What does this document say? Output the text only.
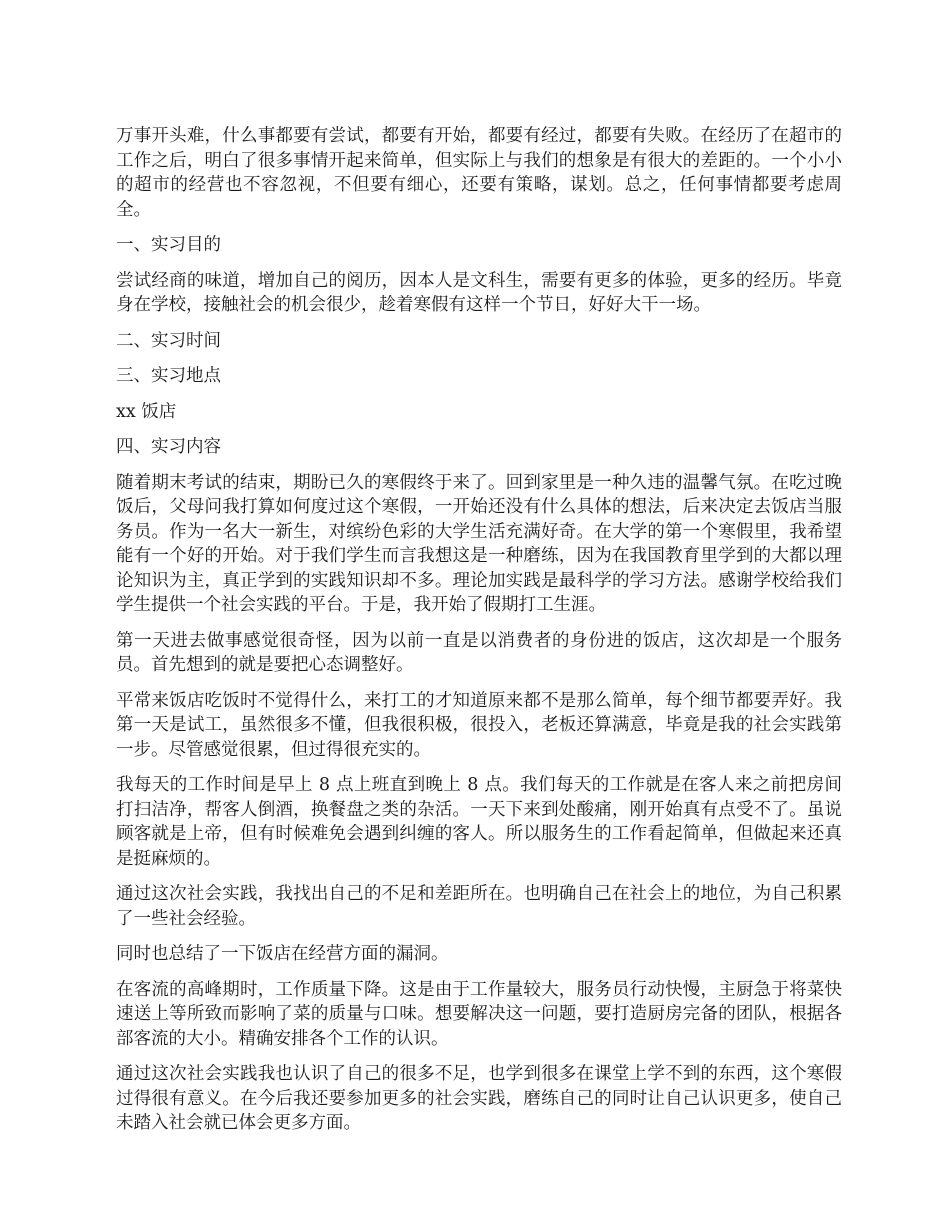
万事开头难，什么事都要有尝试，都要有开始，都要有经过，都要有失败。在经历了在超市的工作之后，明白了很多事情开起来简单，但实际上与我们的想象是有很大的差距的。一个小小的超市的经营也不容忽视，不但要有细心，还要有策略，谋划。总之，任何事情都要考虑周全。

一、实习目的

尝试经商的味道，增加自己的阅历，因本人是文科生，需要有更多的体验，更多的经历。毕竟身在学校，接触社会的机会很少，趁着寒假有这样一个节日，好好大干一场。

二、实习时间

三、实习地点

xx 饭店

四、实习内容

随着期末考试的结束，期盼已久的寒假终于来了。回到家里是一种久违的温馨气氛。在吃过晚饭后，父母问我打算如何度过这个寒假，一开始还没有什么具体的想法，后来决定去饭店当服务员。作为一名大一新生，对缤纷色彩的大学生活充满好奇。在大学的第一个寒假里，我希望能有一个好的开始。对于我们学生而言我想这是一种磨练，因为在我国教育里学到的大都以理论知识为主，真正学到的实践知识却不多。理论加实践是最科学的学习方法。感谢学校给我们学生提供一个社会实践的平台。于是，我开始了假期打工生涯。

第一天进去做事感觉很奇怪，因为以前一直是以消费者的身份进的饭店，这次却是一个服务员。首先想到的就是要把心态调整好。

平常来饭店吃饭时不觉得什么，来打工的才知道原来都不是那么简单，每个细节都要弄好。我第一天是试工，虽然很多不懂，但我很积极，很投入，老板还算满意，毕竟是我的社会实践第一步。尽管感觉很累，但过得很充实的。

我每天的工作时间是早上 8 点上班直到晚上 8 点。我们每天的工作就是在客人来之前把房间打扫洁净，帮客人倒酒，换餐盘之类的杂活。一天下来到处酸痛，刚开始真有点受不了。虽说顾客就是上帝，但有时候难免会遇到纠缠的客人。所以服务生的工作看起简单，但做起来还真是挺麻烦的。

通过这次社会实践，我找出自己的不足和差距所在。也明确自己在社会上的地位，为自己积累了一些社会经验。

同时也总结了一下饭店在经营方面的漏洞。

在客流的高峰期时，工作质量下降。这是由于工作量较大，服务员行动快慢，主厨急于将菜快速送上等所致而影响了菜的质量与口味。想要解决这一问题，要打造厨房完备的团队，根据各部客流的大小。精确安排各个工作的认识。

通过这次社会实践我也认识了自己的很多不足，也学到很多在课堂上学不到的东西，这个寒假过得很有意义。在今后我还要参加更多的社会实践，磨练自己的同时让自己认识更多，使自己未踏入社会就已体会更多方面。
